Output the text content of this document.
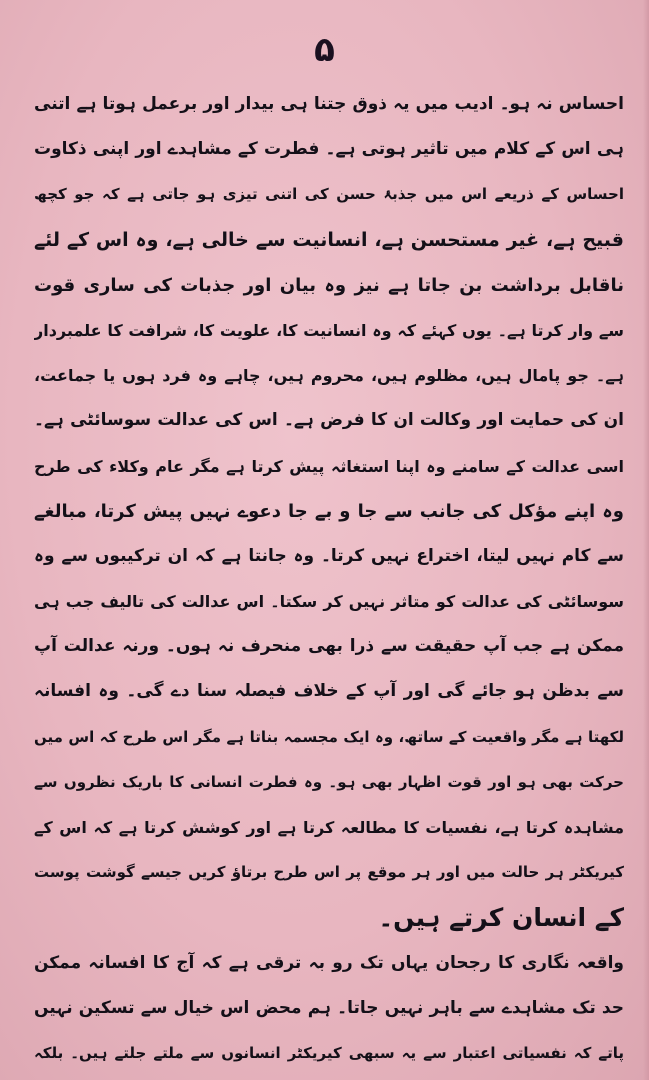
۵
احساس نہ ہو۔ ادیب میں یہ ذوق جتنا ہی بیدار اور برعمل ہوتا ہے اتنی
ہی اس کے کلام میں تاثیر ہوتی ہے۔ فطرت کے مشاہدے اور اپنی ذکاوت
احساس کے ذریعے اس میں جذبۂ حسن کی اتنی تیزی ہو جاتی ہے کہ جو کچھ
قبیح ہے، غیر مستحسن ہے، انسانیت سے خالی ہے، وہ اس کے لئے
ناقابل برداشت بن جاتا ہے نیز وہ بیان اور جذبات کی ساری قوت
سے وار کرتا ہے۔ یوں کہئے کہ وہ انسانیت کا، علویت کا، شرافت کا علمبردار
ہے۔ جو پامال ہیں، مظلوم ہیں، محروم ہیں، چاہے وہ فرد ہوں یا جماعت،
ان کی حمایت اور وکالت ان کا فرض ہے۔ اس کی عدالت سوسائٹی ہے۔
اسی عدالت کے سامنے وہ اپنا استغاثہ پیش کرتا ہے مگر عام وکلاء کی طرح
وہ اپنے مؤکل کی جانب سے جا و بے جا دعوے نہیں پیش کرتا، مبالغے
سے کام نہیں لیتا، اختراع نہیں کرتا۔ وہ جانتا ہے کہ ان ترکیبوں سے وہ
سوسائٹی کی عدالت کو متاثر نہیں کر سکتا۔ اس عدالت کی تالیف جب ہی
ممکن ہے جب آپ حقیقت سے ذرا بھی منحرف نہ ہوں۔ ورنہ عدالت آپ
سے بدظن ہو جائے گی اور آپ کے خلاف فیصلہ سنا دے گی۔ وہ افسانہ
لکھتا ہے مگر واقعیت کے ساتھ، وہ ایک مجسمہ بناتا ہے مگر اس طرح کہ اس میں
حرکت بھی ہو اور قوت اظہار بھی ہو۔ وہ فطرت انسانی کا باریک نظروں سے
مشاہدہ کرتا ہے، نفسیات کا مطالعہ کرتا ہے اور کوشش کرتا ہے کہ اس کے
کیریکٹر ہر حالت میں اور ہر موقع پر اس طرح برتاؤ کریں جیسے گوشت پوست
کے انسان کرتے ہیں۔
واقعہ نگاری کا رجحان یہاں تک رو بہ ترقی ہے کہ آج کا افسانہ ممکن
حد تک مشاہدے سے باہر نہیں جاتا۔ ہم محض اس خیال سے تسکین نہیں
پاتے کہ نفسیاتی اعتبار سے یہ سبھی کیریکٹر انسانوں سے ملتے جلتے ہیں۔ بلکہ
